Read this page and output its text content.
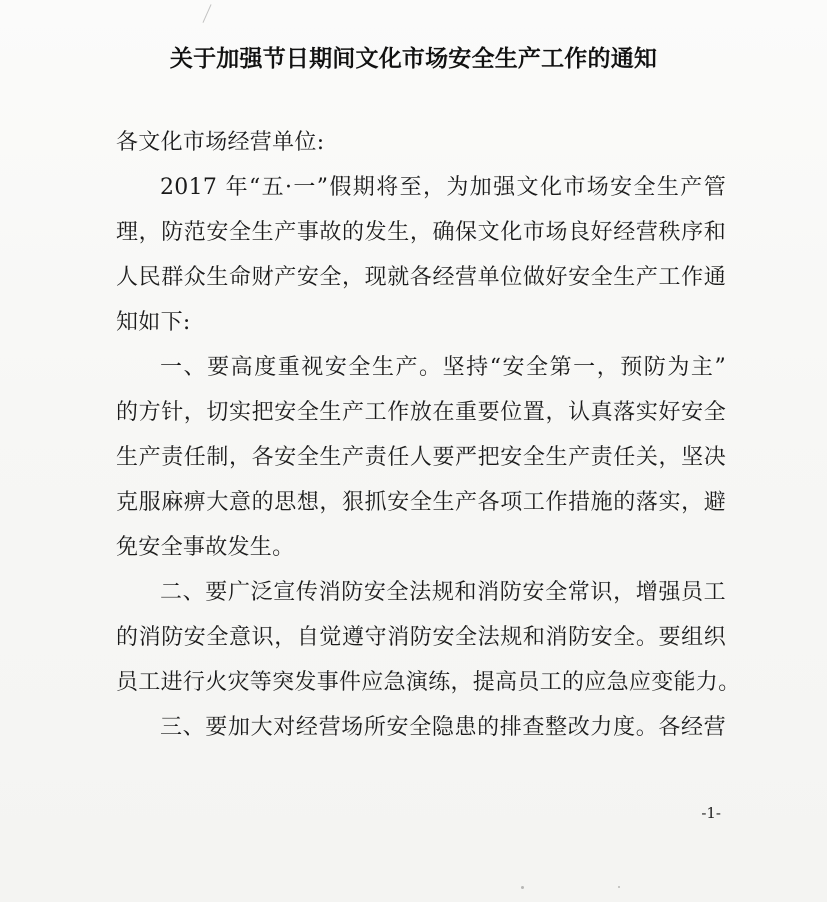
关于加强节日期间文化市场安全生产工作的通知
各文化市场经营单位:
2017 年“五·一”假期将至，为加强文化市场安全生产管
理，防范安全生产事故的发生，确保文化市场良好经营秩序和
人民群众生命财产安全，现就各经营单位做好安全生产工作通
知如下:
一、要高度重视安全生产。坚持“安全第一，预防为主”
的方针，切实把安全生产工作放在重要位置，认真落实好安全
生产责任制，各安全生产责任人要严把安全生产责任关，坚决
克服麻痹大意的思想，狠抓安全生产各项工作措施的落实，避
免安全事故发生。
二、要广泛宣传消防安全法规和消防安全常识，增强员工
的消防安全意识，自觉遵守消防安全法规和消防安全。要组织
员工进行火灾等突发事件应急演练，提高员工的应急应变能力。
三、要加大对经营场所安全隐患的排查整改力度。各经营
-1-
